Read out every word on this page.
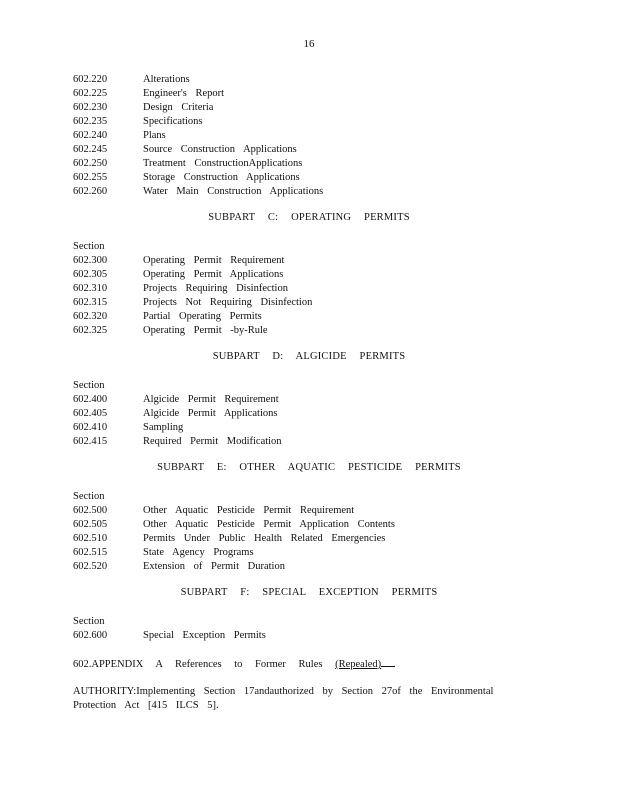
16
602.220	Alterations
602.225	Engineer's Report
602.230	Design Criteria
602.235	Specifications
602.240	Plans
602.245	Source Construction Applications
602.250	Treatment ConstructionApplications
602.255	Storage Construction Applications
602.260	Water Main Construction Applications
SUBPART C: OPERATING PERMITS
Section
602.300	Operating Permit Requirement
602.305	Operating Permit Applications
602.310	Projects Requiring Disinfection
602.315	Projects Not Requiring Disinfection
602.320	Partial Operating Permits
602.325	Operating Permit -by-Rule
SUBPART D: ALGICIDE PERMITS
Section
602.400	Algicide Permit Requirement
602.405	Algicide Permit Applications
602.410	Sampling
602.415	Required Permit Modification
SUBPART E: OTHER AQUATIC PESTICIDE PERMITS
Section
602.500	Other Aquatic Pesticide Permit Requirement
602.505	Other Aquatic Pesticide Permit Application Contents
602.510	Permits Under Public Health Related Emergencies
602.515	State Agency Programs
602.520	Extension of Permit Duration
SUBPART F: SPECIAL EXCEPTION PERMITS
Section
602.600	Special Exception Permits
602.APPENDIX A References to Former Rules (Repealed)
AUTHORITY:Implementing Section 17andauthorized by Section 27of the Environmental Protection Act [415 ILCS 5].
